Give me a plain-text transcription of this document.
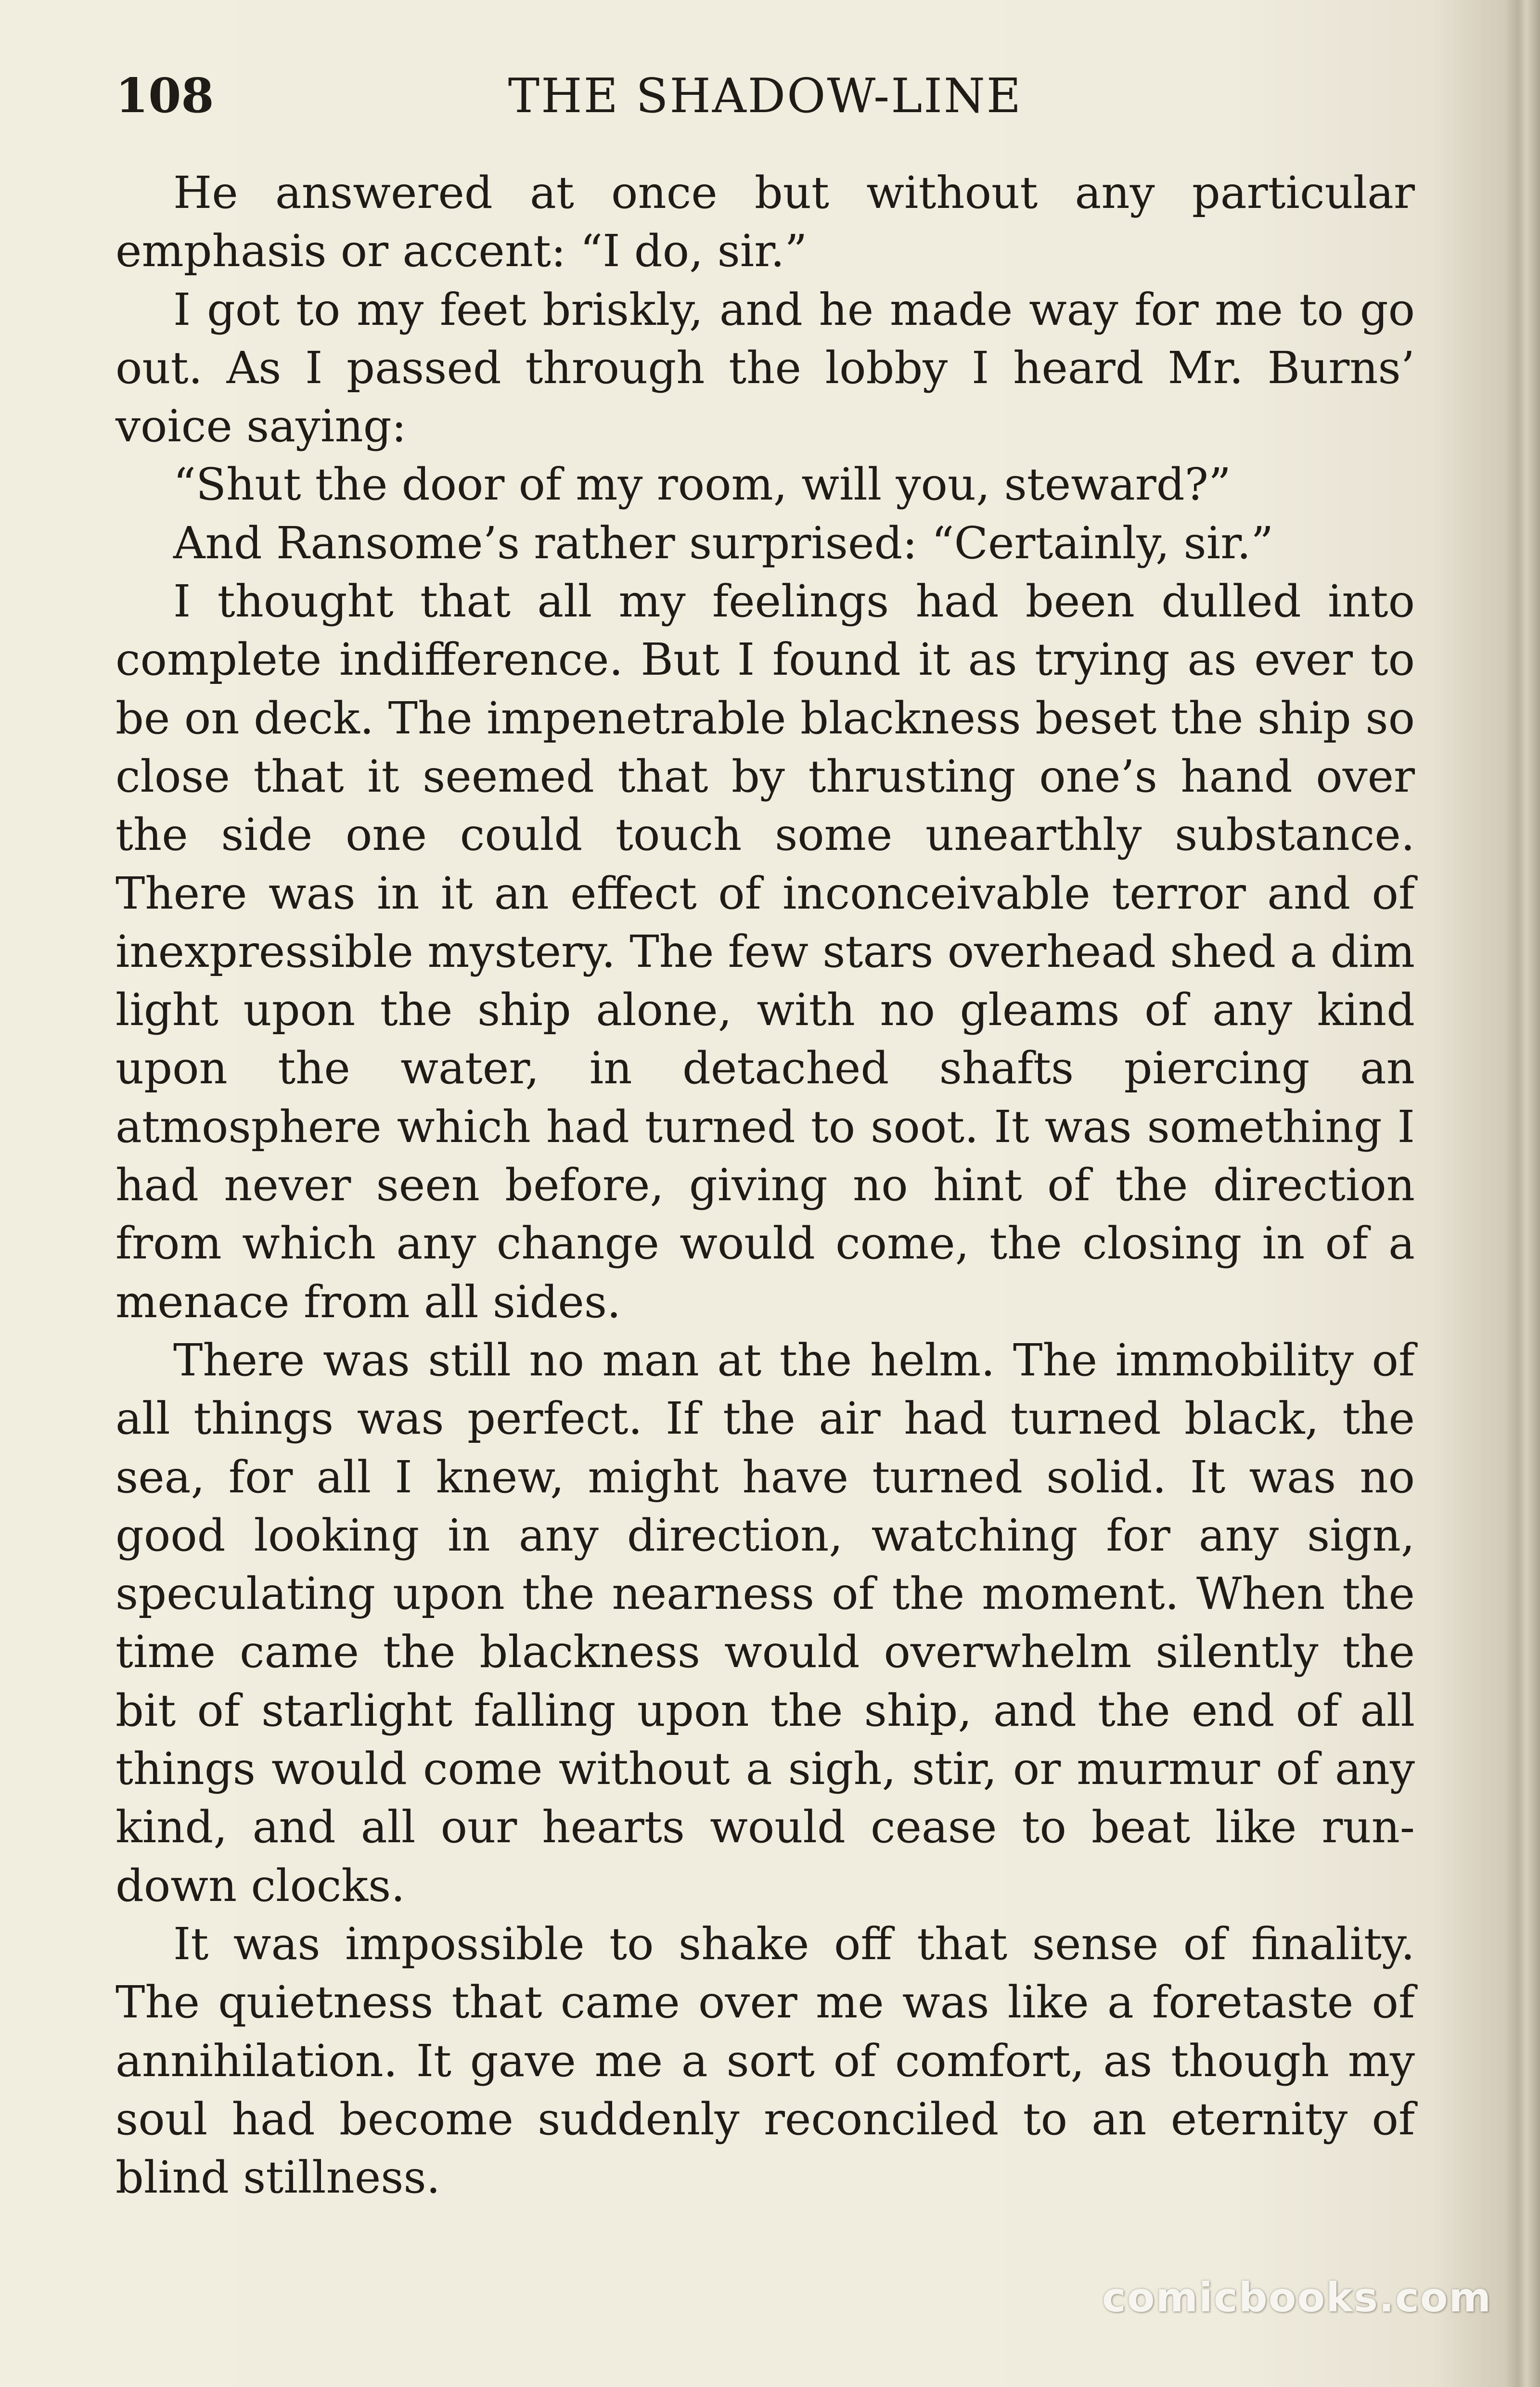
108	THE SHADOW-LINE

He answered at once but without any particular emphasis or accent: “I do, sir.”

I got to my feet briskly, and he made way for me to go out. As I passed through the lobby I heard Mr. Burns’ voice saying:

“Shut the door of my room, will you, steward?”

And Ransome’s rather surprised: “Certainly, sir.”

I thought that all my feelings had been dulled into complete indifference. But I found it as trying as ever to be on deck. The impenetrable blackness beset the ship so close that it seemed that by thrusting one’s hand over the side one could touch some unearthly substance. There was in it an effect of inconceivable terror and of inexpressible mystery. The few stars overhead shed a dim light upon the ship alone, with no gleams of any kind upon the water, in detached shafts piercing an atmosphere which had turned to soot. It was something I had never seen before, giving no hint of the direction from which any change would come, the closing in of a menace from all sides.

There was still no man at the helm. The immobility of all things was perfect. If the air had turned black, the sea, for all I knew, might have turned solid. It was no good looking in any direction, watching for any sign, speculating upon the nearness of the moment. When the time came the blackness would overwhelm silently the bit of starlight falling upon the ship, and the end of all things would come without a sigh, stir, or murmur of any kind, and all our hearts would cease to beat like run-down clocks.

It was impossible to shake off that sense of finality. The quietness that came over me was like a foretaste of annihilation. It gave me a sort of comfort, as though my soul had become suddenly reconciled to an eternity of blind stillness.

comicbooks.com
